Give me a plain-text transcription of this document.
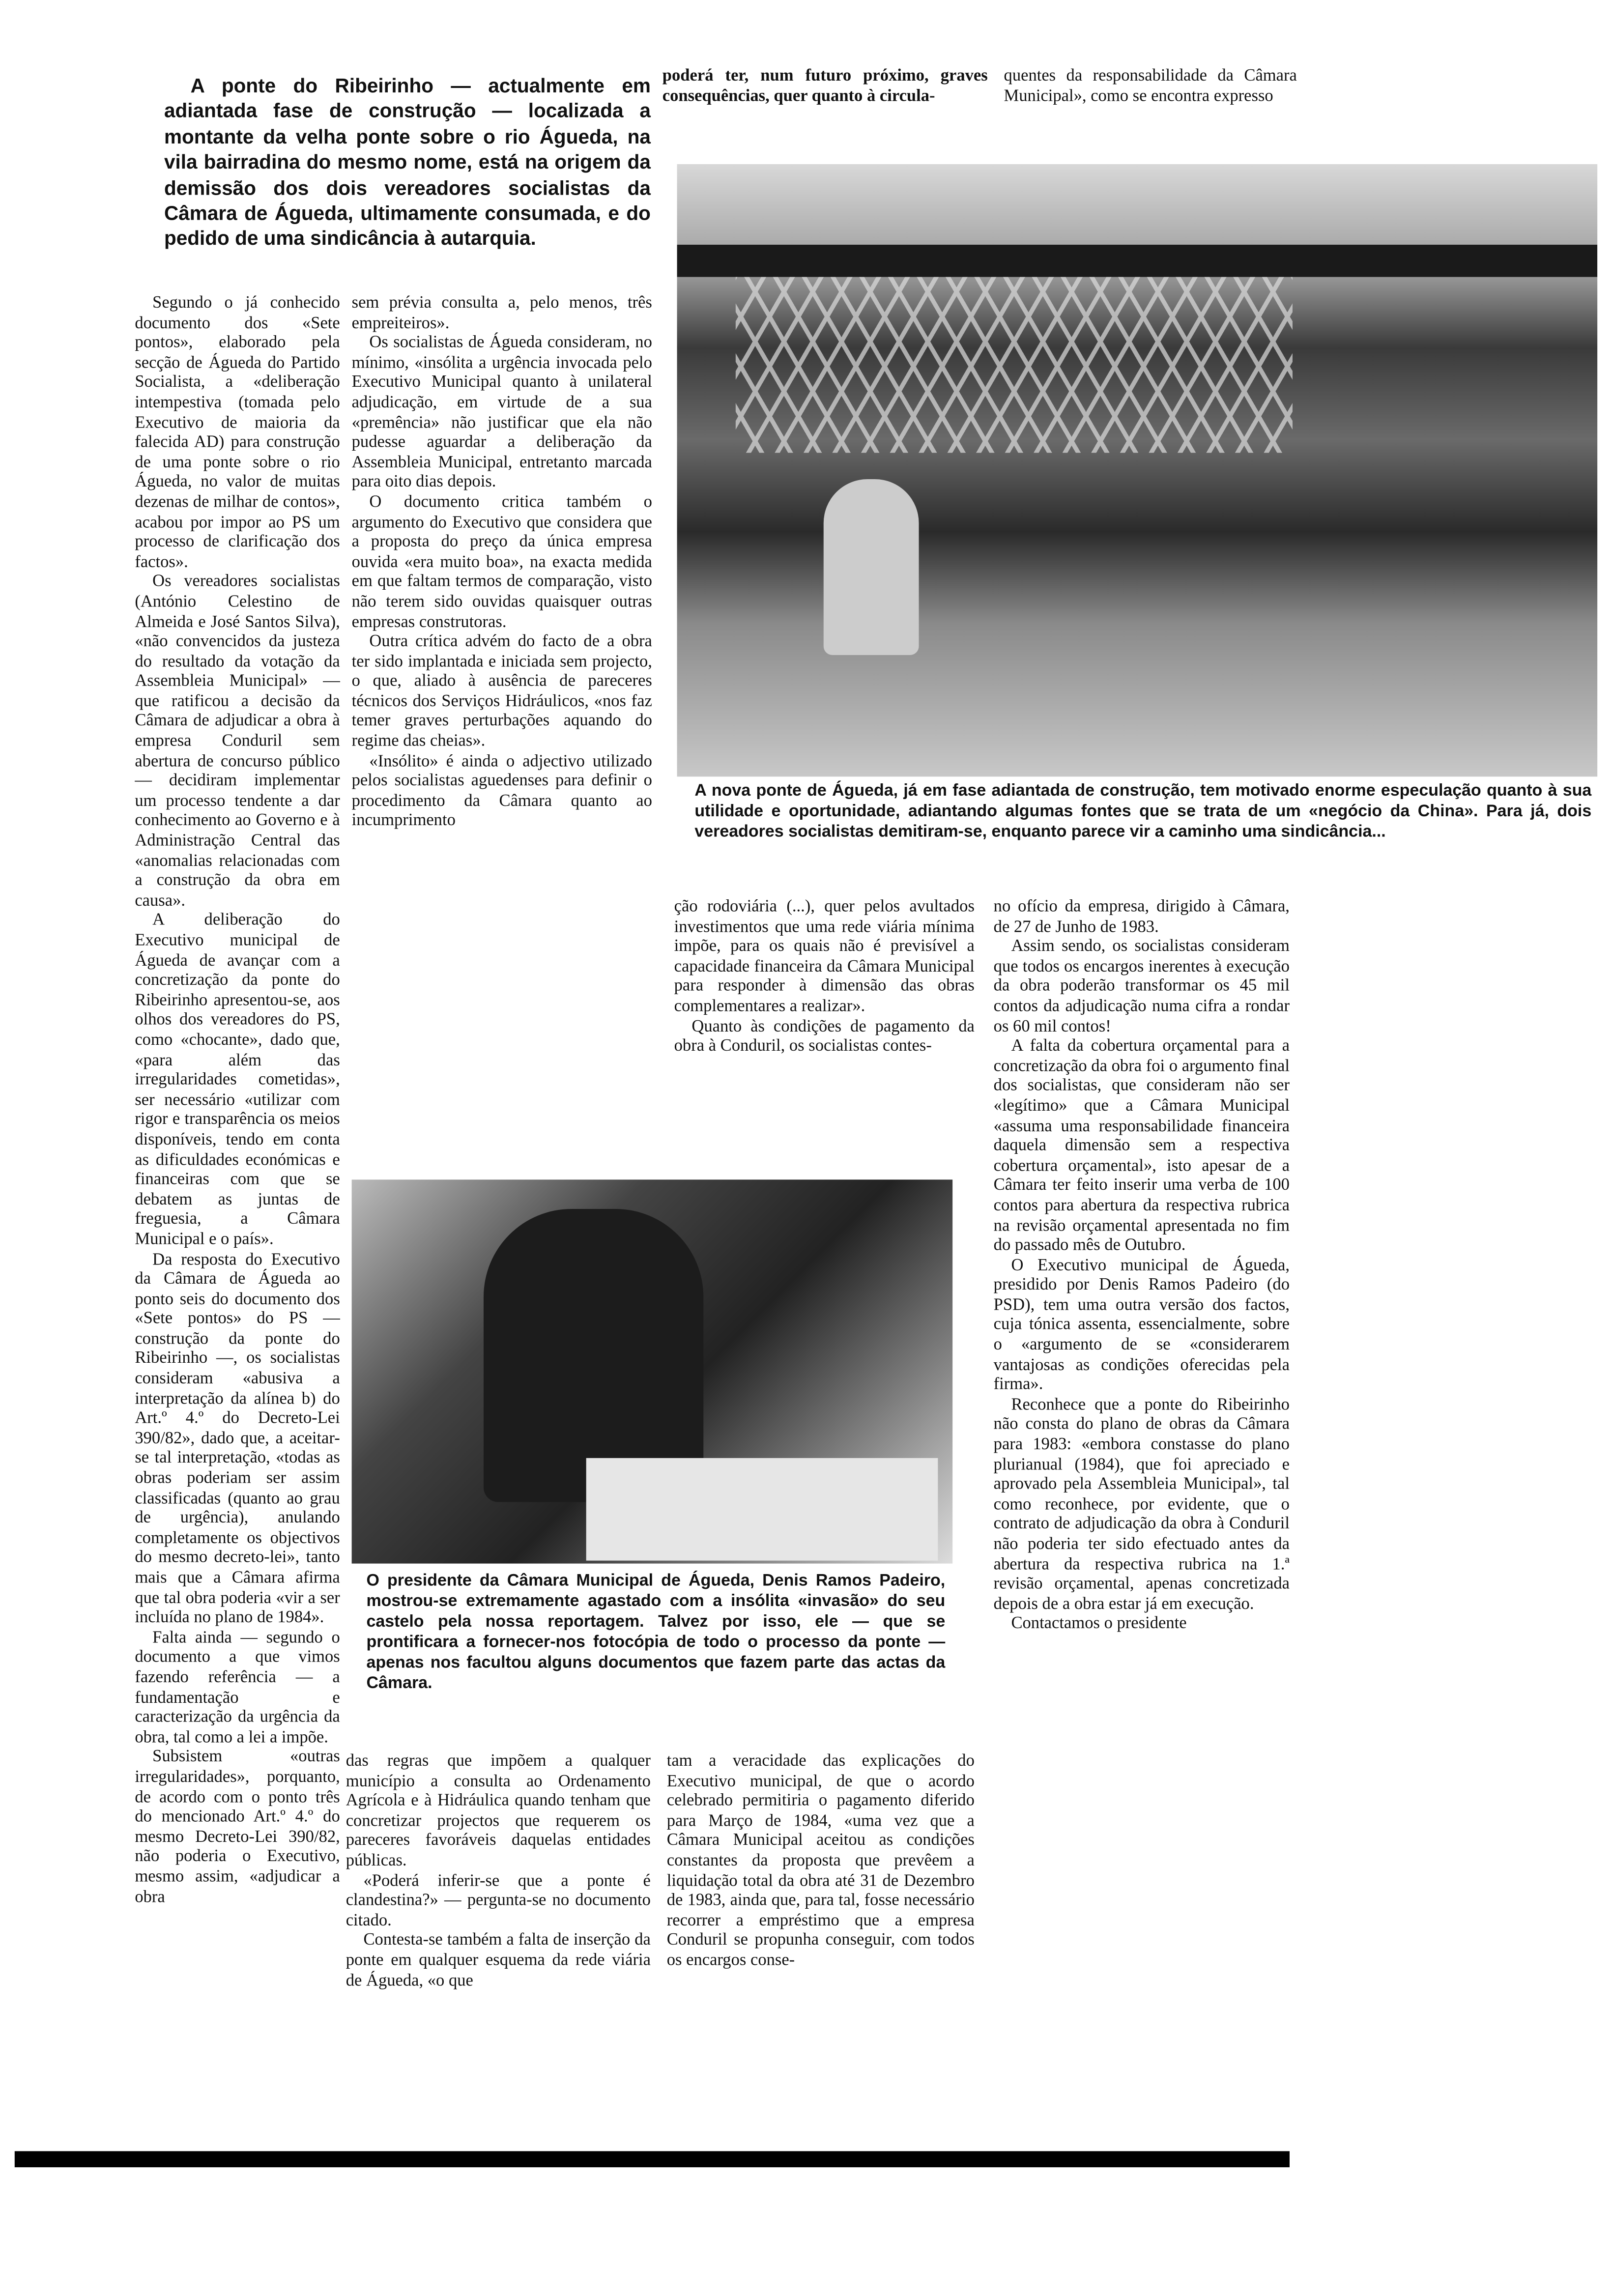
A ponte do Ribeirinho — actualmente em adiantada fase de construção — localizada a montante da velha ponte sobre o rio Águeda, na vila bairradina do mesmo nome, está na origem da demissão dos dois vereadores socialistas da Câmara de Águeda, ultimamente consumada, e do pedido de uma sindicância à autarquia.

Segundo o já conhecido documento dos «Sete pontos», elaborado pela secção de Águeda do Partido Socialista, a «deliberação intempestiva (tomada pelo Executivo de maioria da falecida AD) para construção de uma ponte sobre o rio Águeda, no valor de muitas dezenas de milhar de contos», acabou por impor ao PS um processo de clarificação dos factos».

Os vereadores socialistas (António Celestino de Almeida e José Santos Silva), «não convencidos da justeza do resultado da votação da Assembleia Municipal» — que ratificou a decisão da Câmara de adjudicar a obra à empresa Conduril sem abertura de concurso público — decidiram implementar um processo tendente a dar conhecimento ao Governo e à Administração Central das «anomalias relacionadas com a construção da obra em causa».

A deliberação do Executivo municipal de Águeda de avançar com a concretização da ponte do Ribeirinho apresentou-se, aos olhos dos vereadores do PS, como «chocante», dado que, «para além das irregularidades cometidas», ser necessário «utilizar com rigor e transparência os meios disponíveis, tendo em conta as dificuldades económicas e financeiras com que se debatem as juntas de freguesia, a Câmara Municipal e o país».

Da resposta do Executivo da Câmara de Águeda ao ponto seis do documento dos «Sete pontos» do PS — construção da ponte do Ribeirinho —, os socialistas consideram «abusiva a interpretação da alínea b) do Art.º 4.º do Decreto-Lei 390/82», dado que, a aceitar-se tal interpretação, «todas as obras poderiam ser assim classificadas (quanto ao grau de urgência), anulando completamente os objectivos do mesmo decreto-lei», tanto mais que a Câmara afirma que tal obra poderia «vir a ser incluída no plano de 1984».

Falta ainda — segundo o documento a que vimos fazendo referência — a fundamentação e caracterização da urgência da obra, tal como a lei a impõe.

Subsistem «outras irregularidades», porquanto, de acordo com o ponto três do mencionado Art.º 4.º do mesmo Decreto-Lei 390/82, não poderia o Executivo, mesmo assim, «adjudicar a obra

sem prévia consulta a, pelo menos, três empreiteiros».

Os socialistas de Águeda consideram, no mínimo, «insólita a urgência invocada pelo Executivo Municipal quanto à unilateral adjudicação, em virtude de a sua «premência» não justificar que ela não pudesse aguardar a deliberação da Assembleia Municipal, entretanto marcada para oito dias depois.

O documento critica também o argumento do Executivo que considera que a proposta do preço da única empresa ouvida «era muito boa», na exacta medida em que faltam termos de comparação, visto não terem sido ouvidas quaisquer outras empresas construtoras.

Outra crítica advém do facto de a obra ter sido implantada e iniciada sem projecto, o que, aliado à ausência de pareceres técnicos dos Serviços Hidráulicos, «nos faz temer graves perturbações aquando do regime das cheias».

«Insólito» é ainda o adjectivo utilizado pelos socialistas aguedenses para definir o procedimento da Câmara quanto ao incumprimento

das regras que impõem a qualquer município a consulta ao Ordenamento Agrícola e à Hidráulica quando tenham que concretizar projectos que requerem os pareceres favoráveis daquelas entidades públicas.

«Poderá inferir-se que a ponte é clandestina?» — pergunta-se no documento citado.

Contesta-se também a falta de inserção da ponte em qualquer esquema da rede viária de Águeda, «o que

poderá ter, num futuro próximo, graves consequências, quer quanto à circula-

ção rodoviária (...), quer pelos avultados investimentos que uma rede viária mínima impõe, para os quais não é previsível a capacidade financeira da Câmara Municipal para responder à dimensão das obras complementares a realizar».

Quanto às condições de pagamento da obra à Conduril, os socialistas contes-

tam a veracidade das explicações do Executivo municipal, de que o acordo celebrado permitiria o pagamento diferido para Março de 1984, «uma vez que a Câmara Municipal aceitou as condições constantes da proposta que prevêem a liquidação total da obra até 31 de Dezembro de 1983, ainda que, para tal, fosse necessário recorrer a empréstimo que a empresa Conduril se propunha conseguir, com todos os encargos conse-

quentes da responsabilidade da Câmara Municipal», como se encontra expresso

no ofício da empresa, dirigido à Câmara, de 27 de Junho de 1983.

Assim sendo, os socialistas consideram que todos os encargos inerentes à execução da obra poderão transformar os 45 mil contos da adjudicação numa cifra a rondar os 60 mil contos!

A falta da cobertura orçamental para a concretização da obra foi o argumento final dos socialistas, que consideram não ser «legítimo» que a Câmara Municipal «assuma uma responsabilidade financeira daquela dimensão sem a respectiva cobertura orçamental», isto apesar de a Câmara ter feito inserir uma verba de 100 contos para abertura da respectiva rubrica na revisão orçamental apresentada no fim do passado mês de Outubro.

O Executivo municipal de Águeda, presidido por Denis Ramos Padeiro (do PSD), tem uma outra versão dos factos, cuja tónica assenta, essencialmente, sobre o «argumento de se «considerarem vantajosas as condições oferecidas pela firma».

Reconhece que a ponte do Ribeirinho não consta do plano de obras da Câmara para 1983: «embora constasse do plano plurianual (1984), que foi apreciado e aprovado pela Assembleia Municipal», tal como reconhece, por evidente, que o contrato de adjudicação da obra à Conduril não poderia ter sido efectuado antes da abertura da respectiva rubrica na 1.ª revisão orçamental, apenas concretizada depois de a obra estar já em execução.

Contactamos o presidente

A nova ponte de Águeda, já em fase adiantada de construção, tem motivado enorme especulação quanto à sua utilidade e oportunidade, adiantando algumas fontes que se trata de um «negócio da China». Para já, dois vereadores socialistas demitiram-se, enquanto parece vir a caminho uma sindicância...
O presidente da Câmara Municipal de Águeda, Denis Ramos Padeiro, mostrou-se extremamente agastado com a insólita «invasão» do seu castelo pela nossa reportagem. Talvez por isso, ele — que se prontificara a fornecer-nos fotocópia de todo o processo da ponte — apenas nos facultou alguns documentos que fazem parte das actas da Câmara.
